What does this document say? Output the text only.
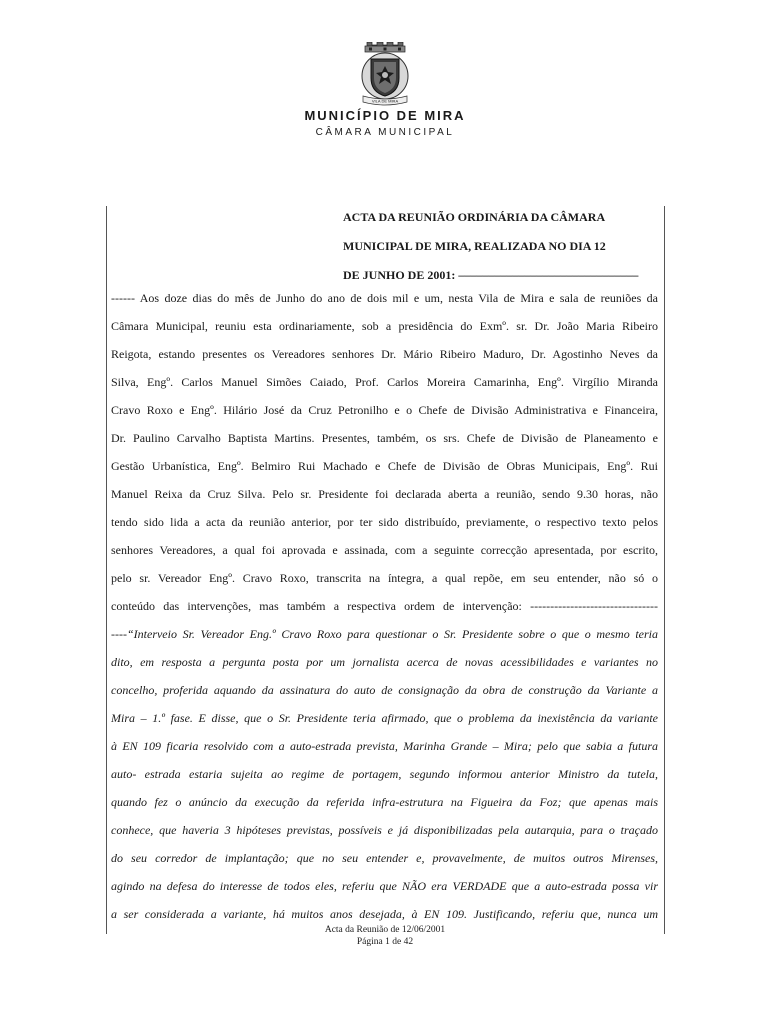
VILA DE MIRA
MUNICÍPIO DE MIRA
CÂMARA MUNICIPAL
ACTA DA REUNIÃO ORDINÁRIA DA CÂMARA
MUNICIPAL DE MIRA, REALIZADA NO DIA 12
DE JUNHO DE 2001: ––––––––––––––––––––––––––––––
------ Aos doze dias do mês de Junho do ano de dois mil e um, nesta Vila de Mira e sala de reuniões da
Câmara Municipal, reuniu esta ordinariamente, sob a presidência do Exmº. sr. Dr. João Maria Ribeiro
Reigota, estando presentes os Vereadores senhores Dr. Mário Ribeiro Maduro, Dr. Agostinho Neves da
Silva, Engº. Carlos Manuel Simões Caiado, Prof. Carlos Moreira Camarinha, Engº. Virgílio Miranda
Cravo Roxo e Engº. Hilário José da Cruz Petronilho e o Chefe de Divisão Administrativa e Financeira,
Dr. Paulino Carvalho Baptista Martins. Presentes, também, os srs. Chefe de Divisão de Planeamento e
Gestão Urbanística, Engº. Belmiro Rui Machado e Chefe de Divisão de Obras Municipais, Engº. Rui
Manuel Reixa da Cruz Silva. Pelo sr. Presidente foi declarada aberta a reunião, sendo 9.30 horas, não
tendo sido lida a acta da reunião anterior, por ter sido distribuído, previamente, o respectivo texto pelos
senhores Vereadores, a qual foi aprovada e assinada, com a seguinte correcção apresentada, por escrito,
pelo sr. Vereador Engº. Cravo Roxo, transcrita na íntegra, a qual repõe, em seu entender, não só o
conteúdo das intervenções, mas também a respectiva ordem de intervenção: --------------------------------
----“Interveio Sr. Vereador Eng.º Cravo Roxo para questionar o Sr. Presidente sobre o que o mesmo teria
dito, em resposta a pergunta posta por um jornalista acerca de novas acessibilidades e variantes no
concelho, proferida aquando da assinatura do auto de consignação da obra de construção da Variante a
Mira – 1.º fase. E disse, que o Sr. Presidente teria afirmado, que o problema da inexistência da variante
à EN 109 ficaria resolvido com a auto-estrada prevista, Marinha Grande – Mira; pelo que sabia a futura
auto- estrada estaria sujeita ao regime de portagem, segundo informou anterior Ministro da tutela,
quando fez o anúncio da execução da referida infra-estrutura na Figueira da Foz; que apenas mais
conhece, que haveria 3 hipóteses previstas, possíveis e já disponibilizadas pela autarquia, para o traçado
do seu corredor de implantação; que no seu entender e, provavelmente, de muitos outros Mirenses,
agindo na defesa do interesse de todos eles, referiu que NÃO era VERDADE que a auto-estrada possa vir
a ser considerada a variante, há muitos anos desejada, à EN 109. Justificando, referiu que, nunca um
Acta da Reunião de 12/06/2001
Página 1 de 42
